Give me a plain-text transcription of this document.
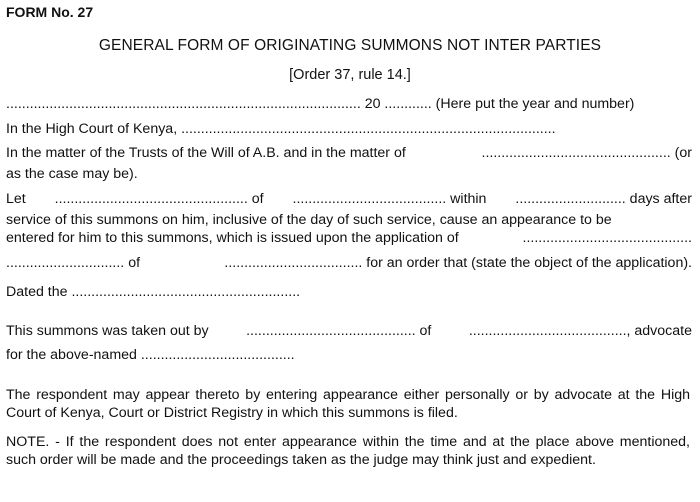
FORM No. 27
GENERAL FORM OF ORIGINATING SUMMONS NOT INTER PARTIES
[Order 37, rule 14.]
.......................................................................................... 20 ............ (Here put the year and number)
In the High Court of Kenya, ...............................................................................................
In the matter of the Trusts of the Will of A.B. and in the matter of	................................................ (or
as the case may be).
Let ................................................. of ....................................... within ............................ days after
service of this summons on him, inclusive of the day of such service, cause an appearance to be
entered for him to this summons, which is issued upon the application of	...........................................
.............................. of	................................... for an order that (state the object of the application).
Dated the ..........................................................
This summons was taken out by	........................................... of	........................................, advocate
for the above-named .......................................
The respondent may appear thereto by entering appearance either personally or by advocate at the High Court of Kenya, Court or District Registry in which this summons is filed.
NOTE. - If the respondent does not enter appearance within the time and at the place above mentioned, such order will be made and the proceedings taken as the judge may think just and expedient.
